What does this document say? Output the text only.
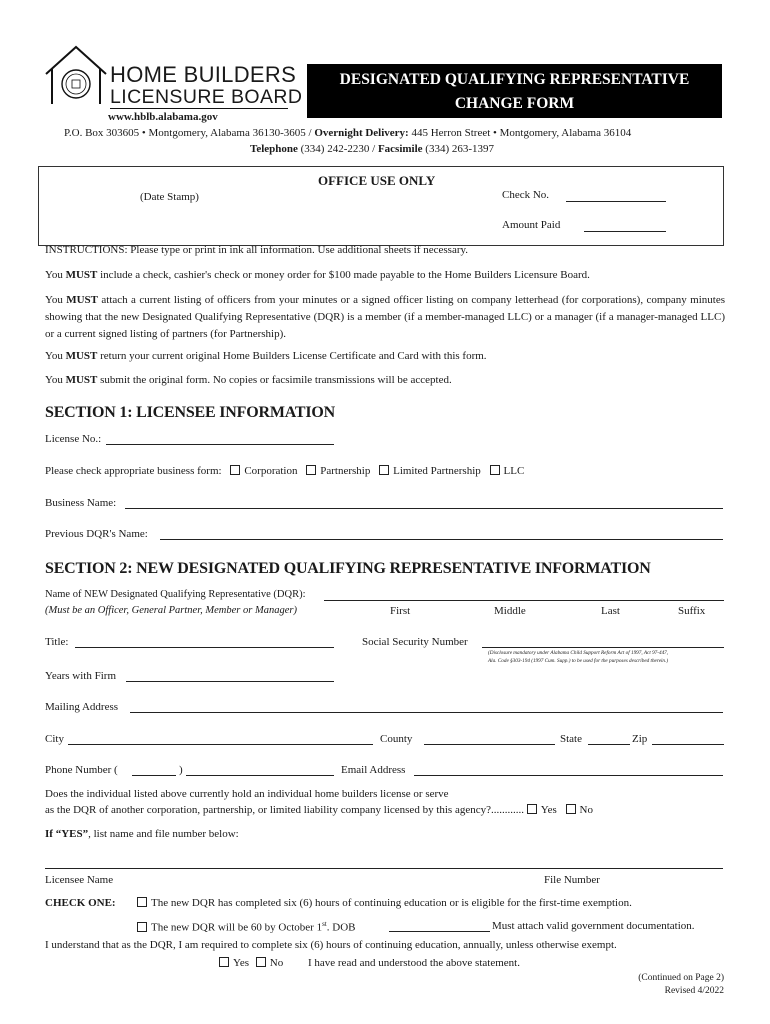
HOME BUILDERS
LICENSURE BOARD
www.hblb.alabama.gov
DESIGNATED QUALIFYING REPRESENTATIVE
CHANGE FORM
P.O. Box 303605 • Montgomery, Alabama 36130-3605 / Overnight Delivery: 445 Herron Street • Montgomery, Alabama 36104
Telephone (334) 242-2230 / Facsimile (334) 263-1397
OFFICE USE ONLY
(Date Stamp)	Check No.
Amount Paid
INSTRUCTIONS: Please type or print in ink all information. Use additional sheets if necessary.
You MUST include a check, cashier's check or money order for $100 made payable to the Home Builders Licensure Board.
You MUST attach a current listing of officers from your minutes or a signed officer listing on company letterhead (for corporations), company minutes showing that the new Designated Qualifying Representative (DQR) is a member (if a member-managed LLC) or a manager (if a manager-managed LLC) or a current signed listing of partners (for Partnership).
You MUST return your current original Home Builders License Certificate and Card with this form.
You MUST submit the original form. No copies or facsimile transmissions will be accepted.
SECTION 1: LICENSEE INFORMATION
License No.:
Please check appropriate business form: Corporation Partnership Limited Partnership LLC
Business Name:
Previous DQR's Name:
SECTION 2: NEW DESIGNATED QUALIFYING REPRESENTATIVE INFORMATION
Name of NEW Designated Qualifying Representative (DQR):
(Must be an Officer, General Partner, Member or Manager)	First	Middle	Last	Suffix
Title:	Social Security Number
(Disclosure mandatory under Alabama Child Support Reform Act of 1997, Act 97-447,
Ala. Code §303-194 (1997 Cum. Supp.) to be used for the purposes described therein.)
Years with Firm
Mailing Address
City	County	State	Zip
Phone Number (	)	Email Address
Does the individual listed above currently hold an individual home builders license or serve
as the DQR of another corporation, partnership, or limited liability company licensed by this agency?............ Yes No
If “YES”, list name and file number below:
Licensee Name	File Number
CHECK ONE:	The new DQR has completed six (6) hours of continuing education or is eligible for the first-time exemption.
The new DQR will be 60 by October 1st. DOB	Must attach valid government documentation.
I understand that as the DQR, I am required to complete six (6) hours of continuing education, annually, unless otherwise exempt.
Yes No I have read and understood the above statement.
(Continued on Page 2)
Revised 4/2022
